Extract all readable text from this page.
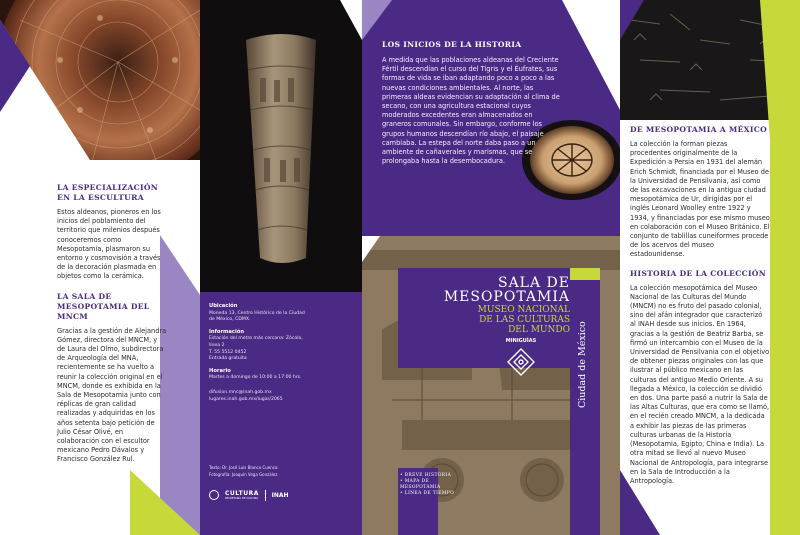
LA ESPECIALIZACIÓN EN LA ESCULTURA

Estos aldeanos, pioneros en los inicios del poblamiento del territorio que milenios después conoceremos como Mesopotamia, plasmaron su entorno y cosmovisión a través de la decoración plasmada en objetos como la cerámica.

LA SALA DE MESOPOTAMIA DEL MNCM

Gracias a la gestión de Alejandra Gómez, directora del MNCM, y de Laura del Olmo, subdirectora de Arqueología del MNA, recientemente se ha vuelto a reunir la colección original en el MNCM, donde es exhibida en la Sala de Mesopotamia junto con réplicas de gran calidad realizadas y adquiridas en los años setenta bajo petición de Julio César Olivé, en colaboración con el escultor mexicano Pedro Dávalos y Francisco González Rul.

Ubicación

Moneda 13, Centro Histórico de la Ciudad de México, CDMX.

Información

Estación del metro más cercana: Zócalo, línea 2

T. 55 5512 0452

Entrada gratuita

Horario

Martes a domingo de 10:00 a 17:00 hrs.

difusion.mnc@inah.gob.mx

lugares.inah.gob.mx/lugar/2065

Texto: Dr. José Luis Blanco Cuenca.

Fotografía: Joaquín Vega González.

CULTURA
SECRETARÍA DE CULTURA INAH

LOS INICIOS DE LA HISTORIA

A medida que las poblaciones aldeanas del Creciente Fértil descendían el curso del Tigris y el Éufrates, sus formas de vida se iban adaptando poco a poco a las nuevas condiciones ambientales. Al norte, las primeras aldeas evidencian su adaptación al clima de secano, con una agricultura estacional cuyos moderados excedentes eran almacenados en graneros comunales. Sin embargo, conforme los grupos humanos descendían río abajo, el paisaje cambiaba. La estepa del norte daba paso a un ambiente de cañaverales y marismas, que se prolongaba hasta la desembocadura.

SALA DE
MESOPOTAMIA
MUSEO NACIONAL
DE LAS CULTURAS
DEL MUNDO
MINIGUÍAS	Ciudad de México
• BREVE HISTORIA
• MAPA DE MESOPOTAMIA
• LÍNEA DE TIEMPO

DE MESOPOTAMIA A MÉXICO

La colección la forman piezas procedentes originalmente de la Expedición a Persia en 1931 del alemán Erich Schmidt, financiada por el Museo de la Universidad de Pensilvania, así como de las excavaciones en la antigua ciudad mesopotámica de Ur, dirigidas por el inglés Leonard Woolley entre 1922 y 1934, y financiadas por ese mismo museo en colaboración con el Museo Británico. El conjunto de tablillas cuneiformes procede de los acervos del museo estadounidense.

HISTORIA DE LA COLECCIÓN

La colección mesopotámica del Museo Nacional de las Culturas del Mundo (MNCM) no es fruto del pasado colonial, sino del afán integrador que caracterizó al INAH desde sus inicios. En 1964, gracias a la gestión de Beatriz Barba, se firmó un intercambio con el Museo de la Universidad de Pensilvania con el objetivo de obtener piezas originales con las que ilustrar al público mexicano en las culturas del antiguo Medio Oriente. A su llegada a México, la colección se dividió en dos. Una parte pasó a nutrir la Sala de las Altas Culturas, que era como se llamó, en el recién creado MNCM, a la dedicada a exhibir las piezas de las primeras culturas urbanas de la Historia (Mesopotamia, Egipto, China e India). La otra mitad se llevó al nuevo Museo Nacional de Antropología, para integrarse en la Sala de Introducción a la Antropología.
